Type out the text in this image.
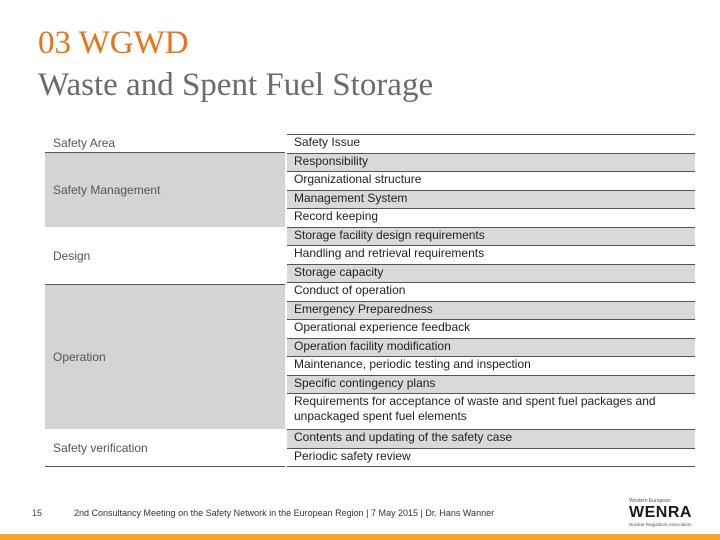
03 WGWD
Waste and Spent Fuel Storage
Safety Area
Safety Management
Design
Operation
Safety verification
Safety Issue
Responsibility
Organizational structure
Management System
Record keeping
Storage facility design requirements
Handling and retrieval requirements
Storage capacity
Conduct of operation
Emergency Preparedness
Operational experience feedback
Operation facility modification
Maintenance, periodic testing and inspection
Specific contingency plans
Requirements for acceptance of waste and spent fuel packages and
unpackaged spent fuel elements
Contents and updating of the safety case
Periodic safety review
15	2nd Consultancy Meeting on the Safety Network in the European Region | 7 May 2015 | Dr. Hans Wanner
Western European
WENRA
Nuclear Regulators Association
